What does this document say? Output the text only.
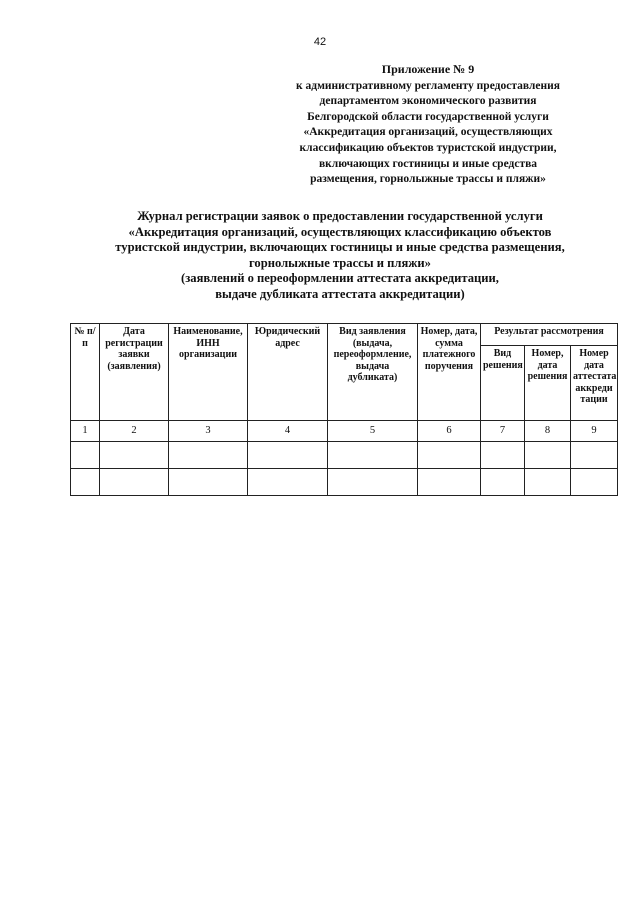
42
Приложение № 9
к административному регламенту предоставления
департаментом экономического развития
Белгородской области государственной услуги
«Аккредитация организаций, осуществляющих
классификацию объектов туристской индустрии,
включающих гостиницы и иные средства
размещения, горнолыжные трассы и пляжи»
Журнал регистрации заявок о предоставлении государственной услуги
«Аккредитация организаций, осуществляющих классификацию объектов
туристской индустрии, включающих гостиницы и иные средства размещения,
горнолыжные трассы и пляжи»
(заявлений о переоформлении аттестата аккредитации,
выдаче дубликата аттестата аккредитации)
№ п/п	Дата регистрации заявки (заявления)	Наименование, ИНН организации	Юридический адрес	Вид заявления (выдача, переоформление, выдача дубликата)	Номер, дата, сумма платежного поручения	Результат рассмотрения		
						Вид решения	Номер, дата решения	Номер дата аттестата аккреди тации
1	2	3	4	5	6	7	8	9
